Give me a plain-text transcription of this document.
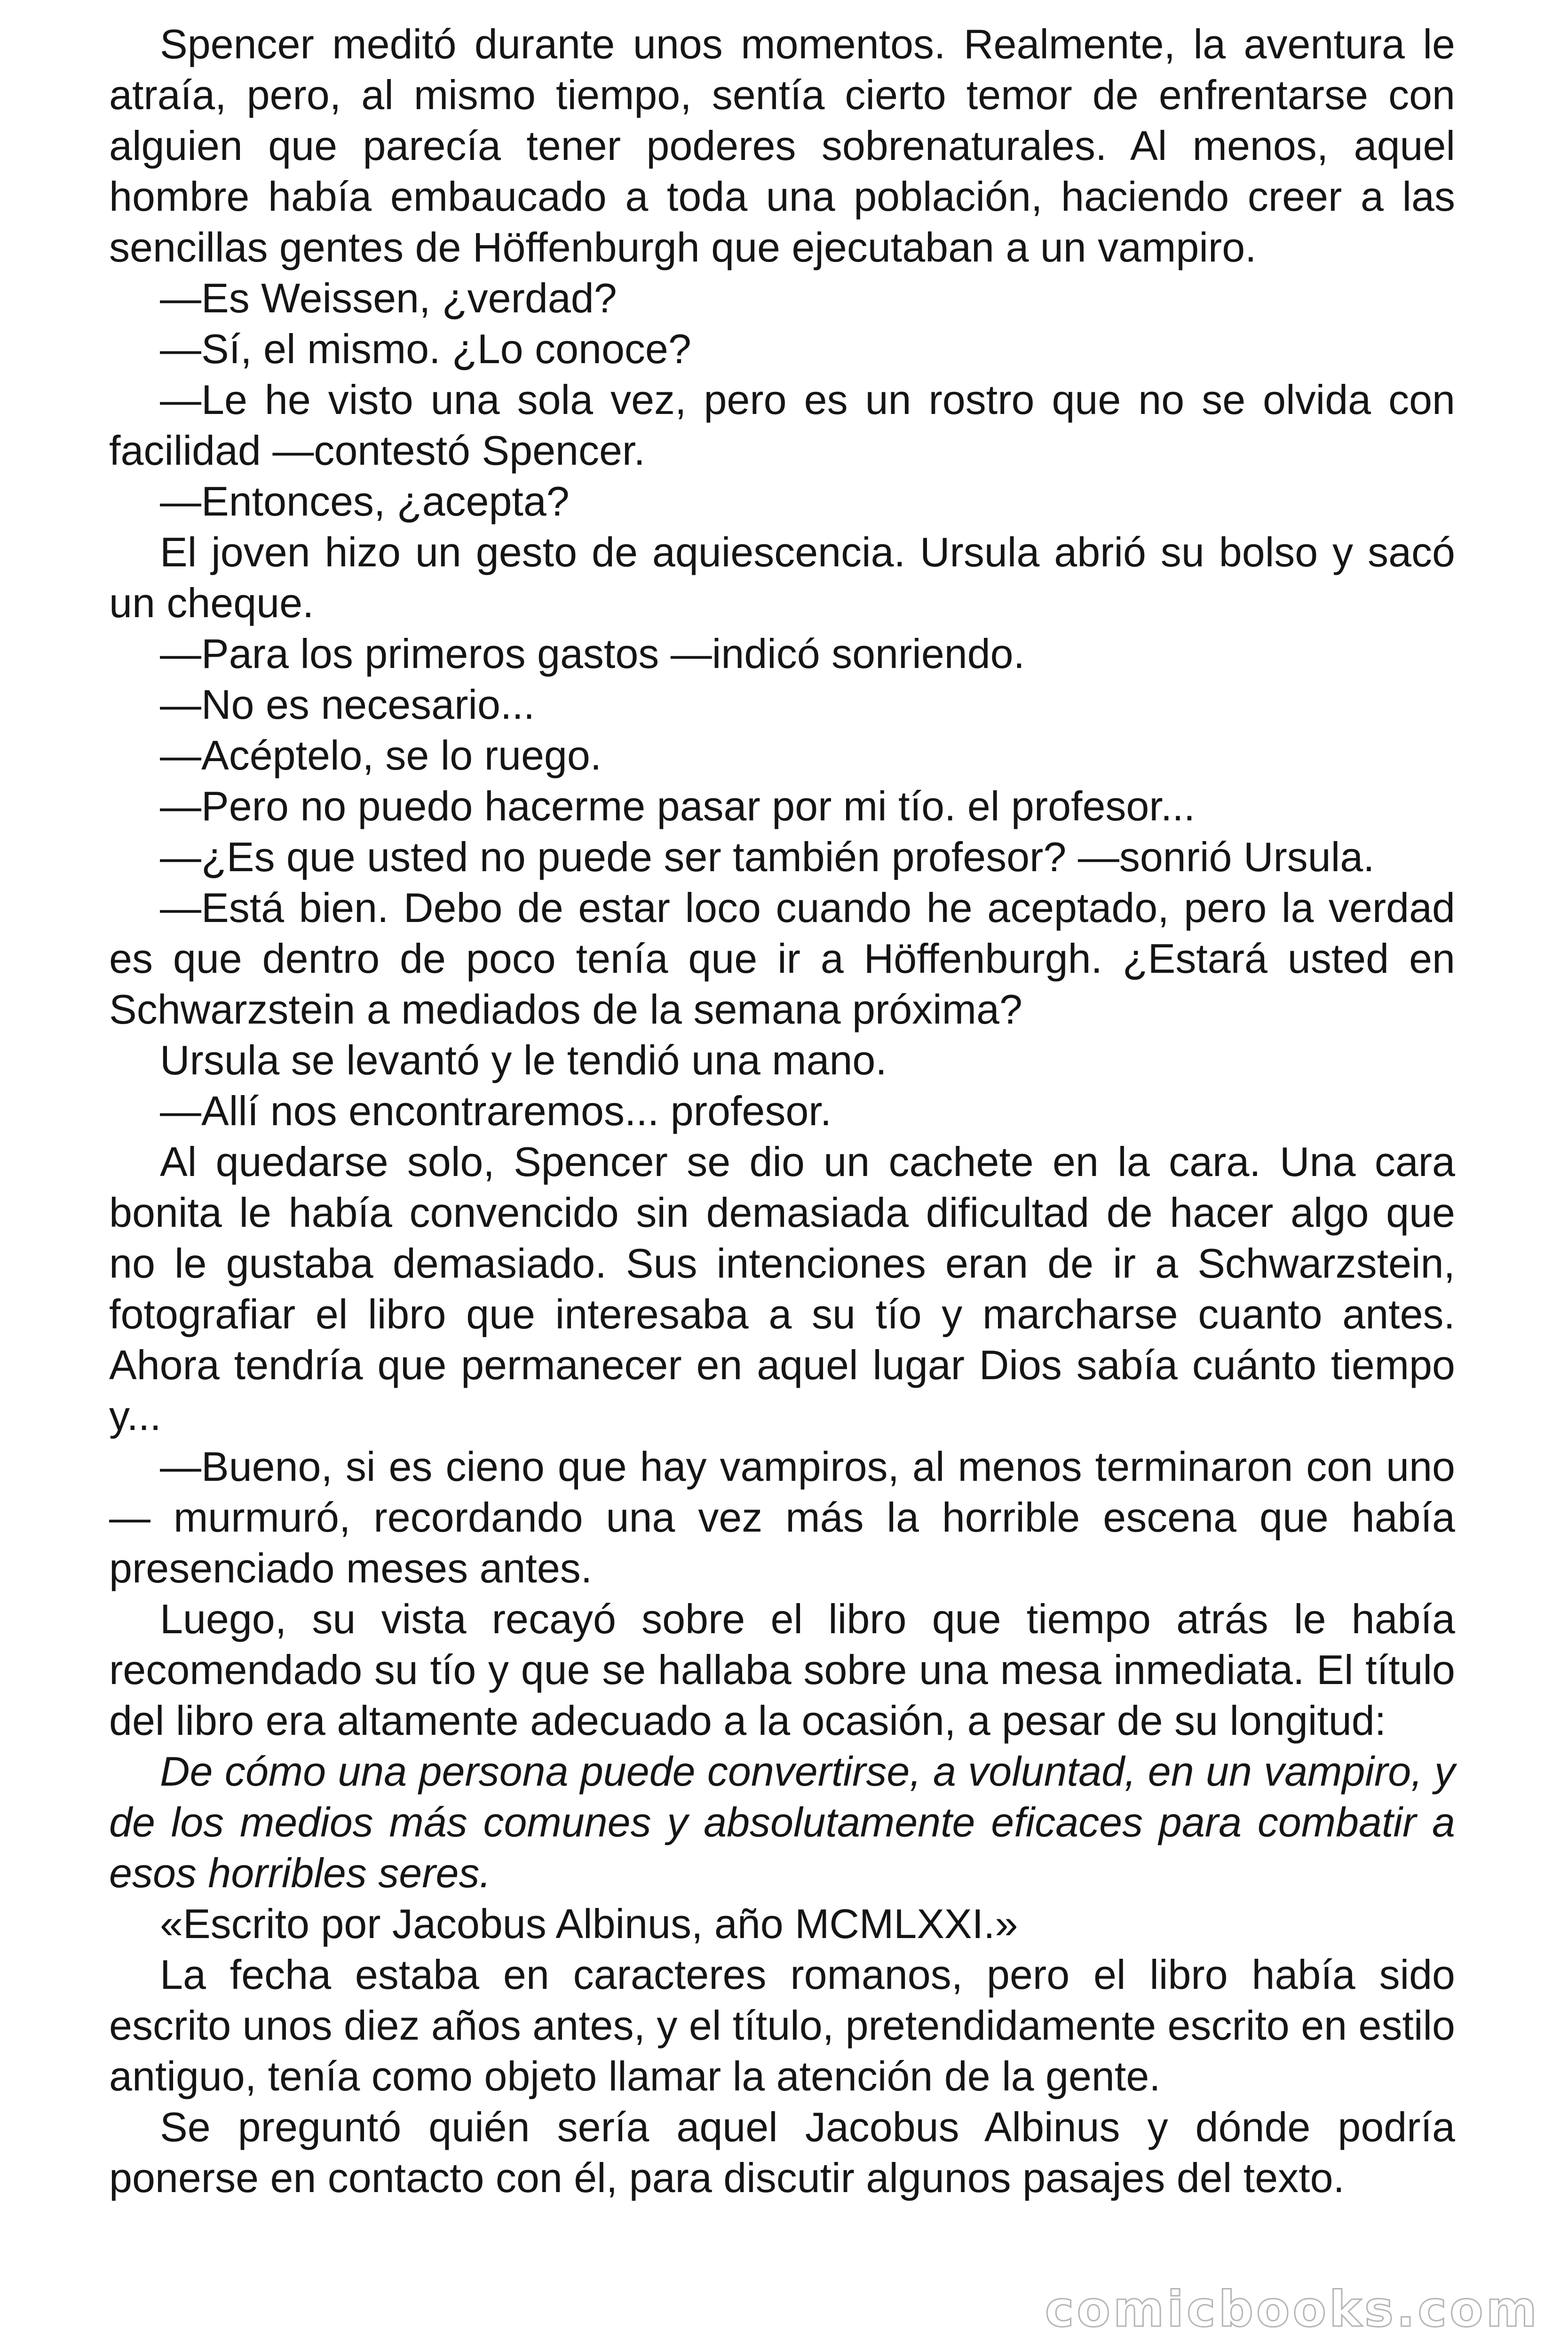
Spencer meditó durante unos momentos. Realmente, la aventura le atraía, pero, al mismo tiempo, sentía cierto temor de enfrentarse con alguien que parecía tener poderes sobrenaturales. Al menos, aquel hombre había embaucado a toda una población, haciendo creer a las sencillas gentes de Höffenburgh que ejecutaban a un vampiro.

—Es Weissen, ¿verdad?

—Sí, el mismo. ¿Lo conoce?

—Le he visto una sola vez, pero es un rostro que no se olvida con facilidad —contestó Spencer.

—Entonces, ¿acepta?

El joven hizo un gesto de aquiescencia. Ursula abrió su bolso y sacó un cheque.

—Para los primeros gastos —indicó sonriendo.

—No es necesario...

—Acéptelo, se lo ruego.

—Pero no puedo hacerme pasar por mi tío. el profesor...

—¿Es que usted no puede ser también profesor? —sonrió Ursula.

—Está bien. Debo de estar loco cuando he aceptado, pero la verdad es que dentro de poco tenía que ir a Höffenburgh. ¿Estará usted en Schwarzstein a mediados de la semana próxima?

Ursula se levantó y le tendió una mano.

—Allí nos encontraremos... profesor.

Al quedarse solo, Spencer se dio un cachete en la cara. Una cara bonita le había convencido sin demasiada dificultad de hacer algo que no le gustaba demasiado. Sus intenciones eran de ir a Schwarzstein, fotografiar el libro que interesaba a su tío y marcharse cuanto antes. Ahora tendría que permanecer en aquel lugar Dios sabía cuánto tiempo y...

—Bueno, si es cieno que hay vampiros, al menos terminaron con uno — murmuró, recordando una vez más la horrible escena que había presenciado meses antes.

Luego, su vista recayó sobre el libro que tiempo atrás le había recomendado su tío y que se hallaba sobre una mesa inmediata. El título del libro era altamente adecuado a la ocasión, a pesar de su longitud:

De cómo una persona puede convertirse, a voluntad, en un vampiro, y de los medios más comunes y absolutamente eficaces para combatir a esos horribles seres.

«Escrito por Jacobus Albinus, año MCMLXXI.»

La fecha estaba en caracteres romanos, pero el libro había sido escrito unos diez años antes, y el título, pretendidamente escrito en estilo antiguo, tenía como objeto llamar la atención de la gente.

Se preguntó quién sería aquel Jacobus Albinus y dónde podría ponerse en contacto con él, para discutir algunos pasajes del texto.

comicbooks.com
